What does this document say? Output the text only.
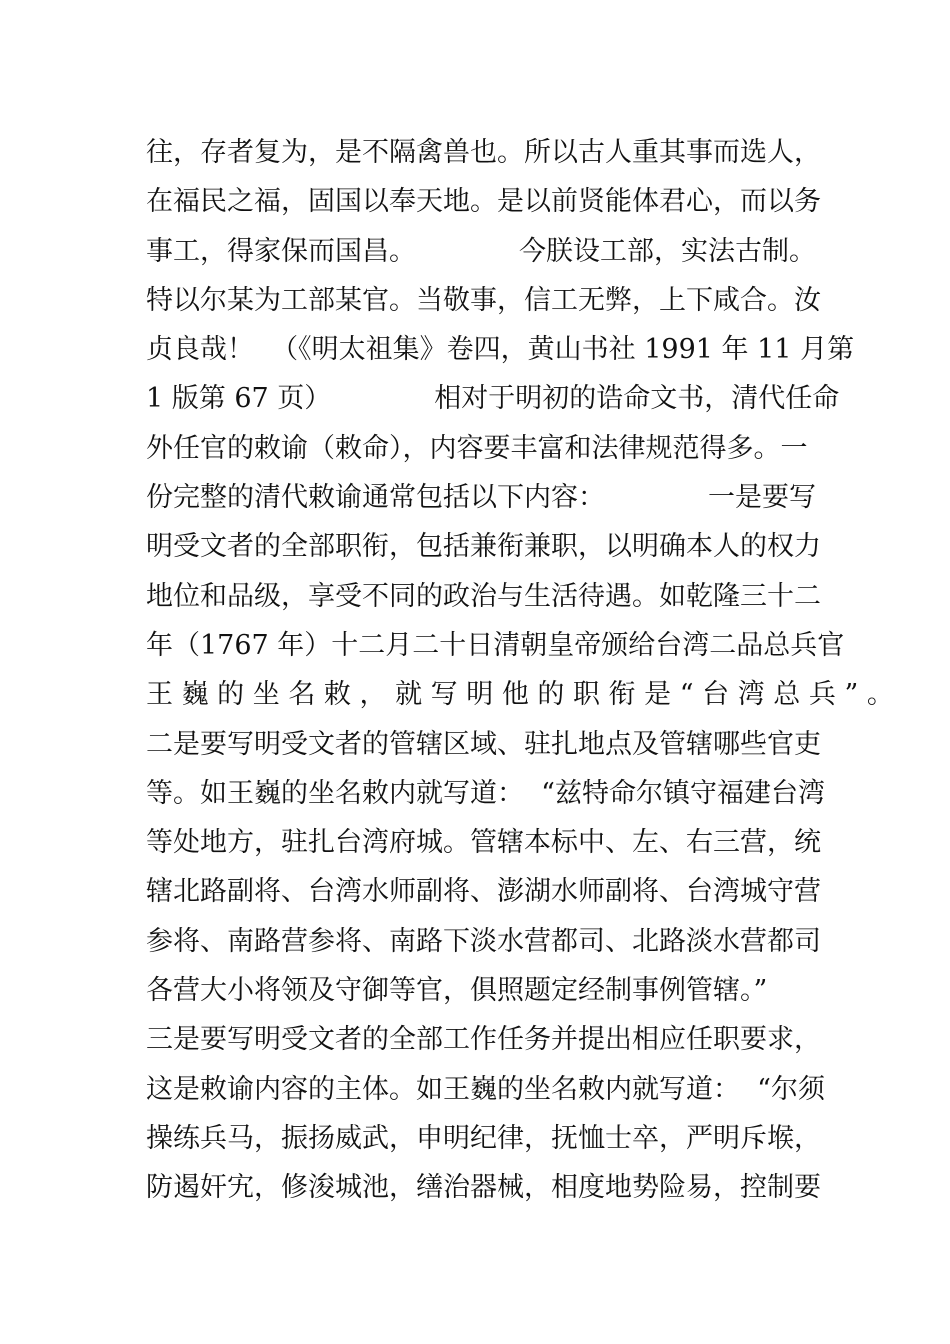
往，存者复为，是不隔禽兽也。所以古人重其事而选人，
在福民之福，固国以奉天地。是以前贤能体君心，而以务
事工，得家保而国昌。            今朕设工部，实法古制。
特以尔某为工部某官。当敬事，信工无弊，上下咸合。汝
贞良哉！  （《明太祖集》卷四，黄山书社 1991 年 11 月第
1 版第 67 页）            相对于明初的诰命文书，清代任命
外任官的敕谕（敕命），内容要丰富和法律规范得多。一
份完整的清代敕谕通常包括以下内容：            一是要写
明受文者的全部职衔，包括兼衔兼职，以明确本人的权力
地位和品级，享受不同的政治与生活待遇。如乾隆三十二
年（1767 年）十二月二十日清朝皇帝颁给台湾二品总兵官
王 巍 的 坐 名 敕 ， 就 写 明 他 的 职 衔 是 “ 台 湾 总 兵 ” 。
二是要写明受文者的管辖区域、驻扎地点及管辖哪些官吏
等。如王巍的坐名敕内就写道：  “兹特命尔镇守福建台湾
等处地方，驻扎台湾府城。管辖本标中、左、右三营，统
辖北路副将、台湾水师副将、澎湖水师副将、台湾城守营
参将、南路营参将、南路下淡水营都司、北路淡水营都司
各营大小将领及守御等官，俱照题定经制事例管辖。”
三是要写明受文者的全部工作任务并提出相应任职要求，
这是敕谕内容的主体。如王巍的坐名敕内就写道：  “尔须
操练兵马，振扬威武，申明纪律，抚恤士卒，严明斥堠，
防遏奸宄，修浚城池，缮治器械，相度地势险易，控制要
